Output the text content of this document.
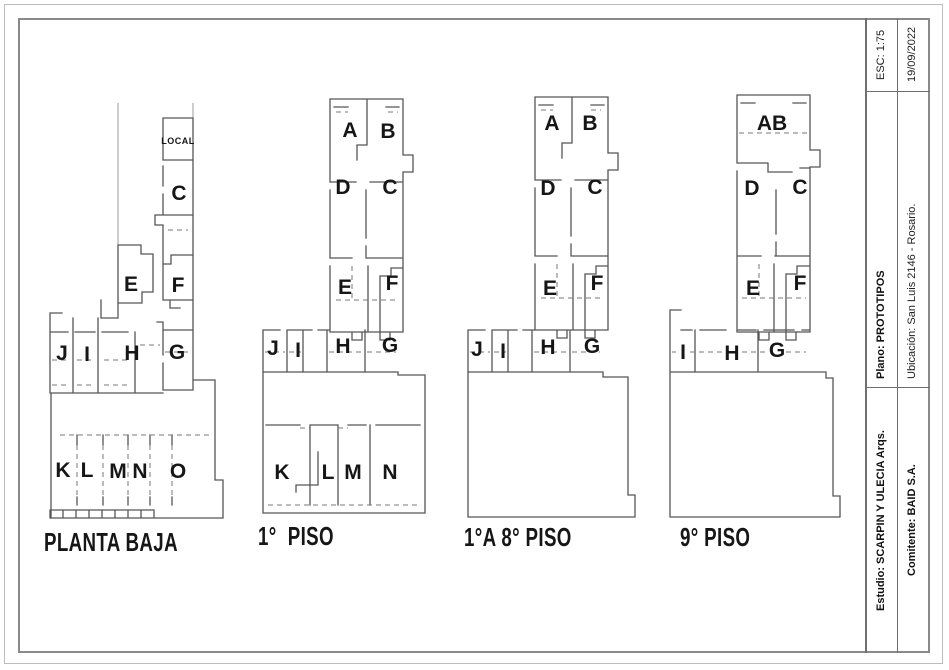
LOCAL
C
E F
G
J I H
K L M N O
A B
D C
E F
J I H G
K L M N
A B
D C
E F
J I H G
AB
D C
E F
I H G
PLANTA BAJA	1°  PISO	1°A 8° PISO	9° PISO
ESC: 1:75	19/09/2022
Plano: PROTOTIPOS	Ubicación: San Luis 2146 - Rosario.
Estudio: SCARPIN Y ULECIA Arqs.	Comitente: BAID S.A.
